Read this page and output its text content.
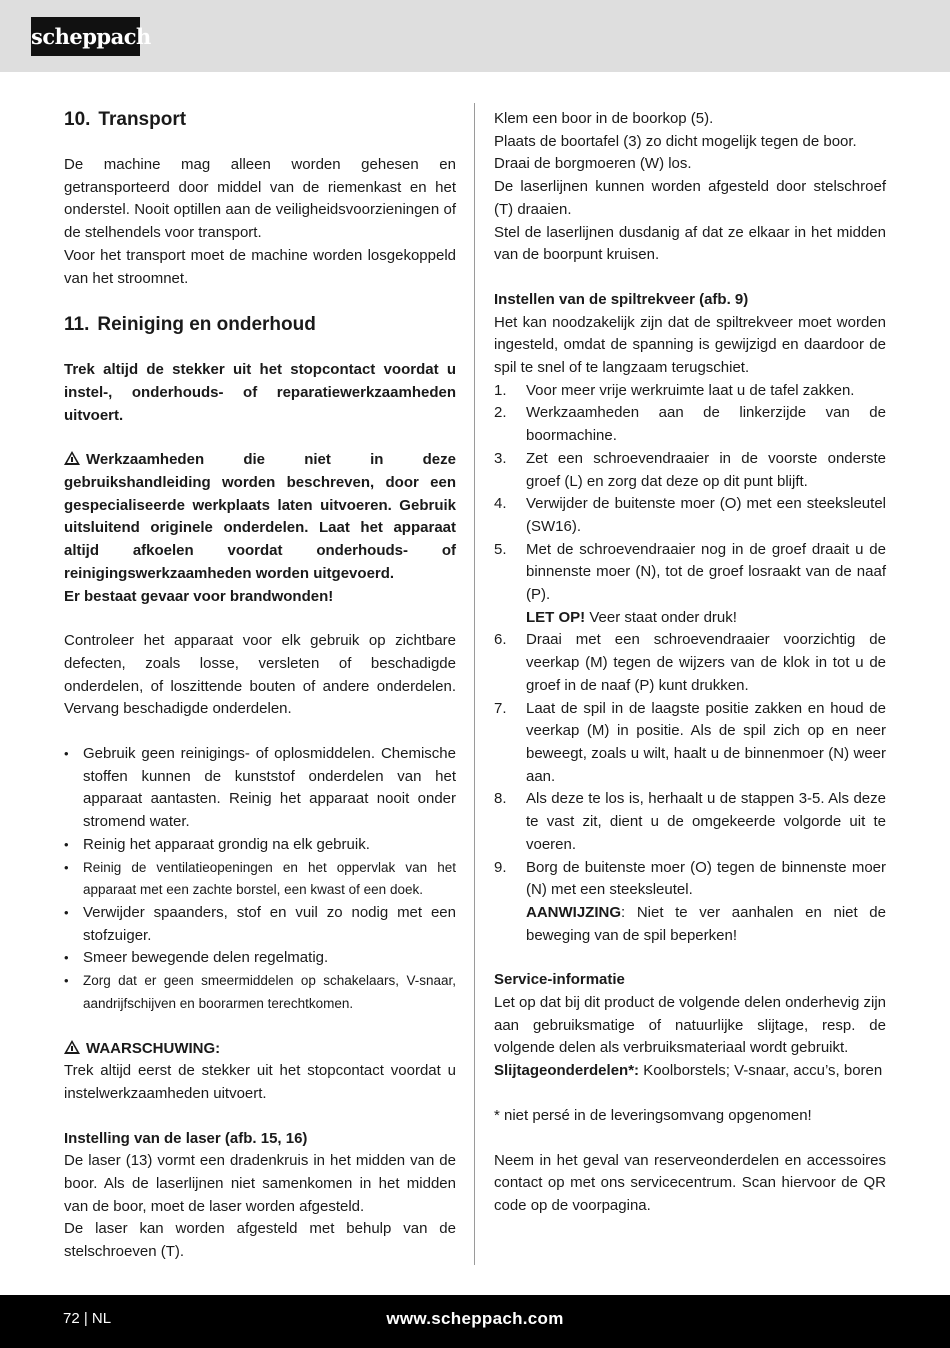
scheppach
10. Transport

De machine mag alleen worden gehesen en getransporteerd door middel van de riemenkast en het onderstel. Nooit optillen aan de veiligheidsvoorzieningen of de stelhendels voor transport.

Voor het transport moet de machine worden losgekoppeld van het stroomnet.

11. Reiniging en onderhoud

Trek altijd de stekker uit het stopcontact voordat u instel-, onderhouds- of reparatiewerkzaamheden uitvoert.

Werkzaamheden die niet in deze gebruikshandleiding worden beschreven, door een gespecialiseerde werkplaats laten uitvoeren. Gebruik uitsluitend originele onderdelen. Laat het apparaat altijd afkoelen voordat onderhouds- of reinigingswerkzaamheden worden uitgevoerd.

Er bestaat gevaar voor brandwonden!

Controleer het apparaat voor elk gebruik op zichtbare defecten, zoals losse, versleten of beschadigde onderdelen, of loszittende bouten of andere onderdelen. Vervang beschadigde onderdelen.

• Gebruik geen reinigings- of oplosmiddelen. Chemische stoffen kunnen de kunststof onderdelen van het apparaat aantasten. Reinig het apparaat nooit onder stromend water.
• Reinig het apparaat grondig na elk gebruik.
• Reinig de ventilatieopeningen en het oppervlak van het apparaat met een zachte borstel, een kwast of een doek.
• Verwijder spaanders, stof en vuil zo nodig met een stofzuiger.
• Smeer bewegende delen regelmatig.
• Zorg dat er geen smeermiddelen op schakelaars, V-snaar, aandrijfschijven en boorarmen terechtkomen.

WAARSCHUWING:

Trek altijd eerst de stekker uit het stopcontact voordat u instelwerkzaamheden uitvoert.

Instelling van de laser (afb. 15, 16)

De laser (13) vormt een dradenkruis in het midden van de boor. Als de laserlijnen niet samenkomen in het midden van de boor, moet de laser worden afgesteld.

De laser kan worden afgesteld met behulp van de stelschroeven (T).

Klem een boor in de boorkop (5).

Plaats de boortafel (3) zo dicht mogelijk tegen de boor.

Draai de borgmoeren (W) los.

De laserlijnen kunnen worden afgesteld door stelschroef (T) draaien.

Stel de laserlijnen dusdanig af dat ze elkaar in het midden van de boorpunt kruisen.

Instellen van de spiltrekveer (afb. 9)

Het kan noodzakelijk zijn dat de spiltrekveer moet worden ingesteld, omdat de spanning is gewijzigd en daardoor de spil te snel of te langzaam terugschiet.

1. Voor meer vrije werkruimte laat u de tafel zakken.
2. Werkzaamheden aan de linkerzijde van de boormachine.
3. Zet een schroevendraaier in de voorste onderste groef (L) en zorg dat deze op dit punt blijft.
4. Verwijder de buitenste moer (O) met een steeksleutel (SW16).
5. Met de schroevendraaier nog in de groef draait u de binnenste moer (N), tot de groef losraakt van de naaf (P).
LET OP! Veer staat onder druk!
6. Draai met een schroevendraaier voorzichtig de veerkap (M) tegen de wijzers van de klok in tot u de groef in de naaf (P) kunt drukken.
7. Laat de spil in de laagste positie zakken en houd de veerkap (M) in positie. Als de spil zich op en neer beweegt, zoals u wilt, haalt u de binnenmoer (N) weer aan.
8. Als deze te los is, herhaalt u de stappen 3-5. Als deze te vast zit, dient u de omgekeerde volgorde uit te voeren.
9. Borg de buitenste moer (O) tegen de binnenste moer (N) met een steeksleutel.
AANWIJZING: Niet te ver aanhalen en niet de beweging van de spil beperken!

Service-informatie

Let op dat bij dit product de volgende delen onderhevig zijn aan gebruiksmatige of natuurlijke slijtage, resp. de volgende delen als verbruiksmateriaal wordt gebruikt.

Slijtageonderdelen*: Koolborstels; V-snaar, accu’s, boren

* niet persé in de leveringsomvang opgenomen!

Neem in het geval van reserveonderdelen en accessoires contact op met ons servicecentrum. Scan hiervoor de QR code op de voorpagina.

72 | NL	www.scheppach.com
